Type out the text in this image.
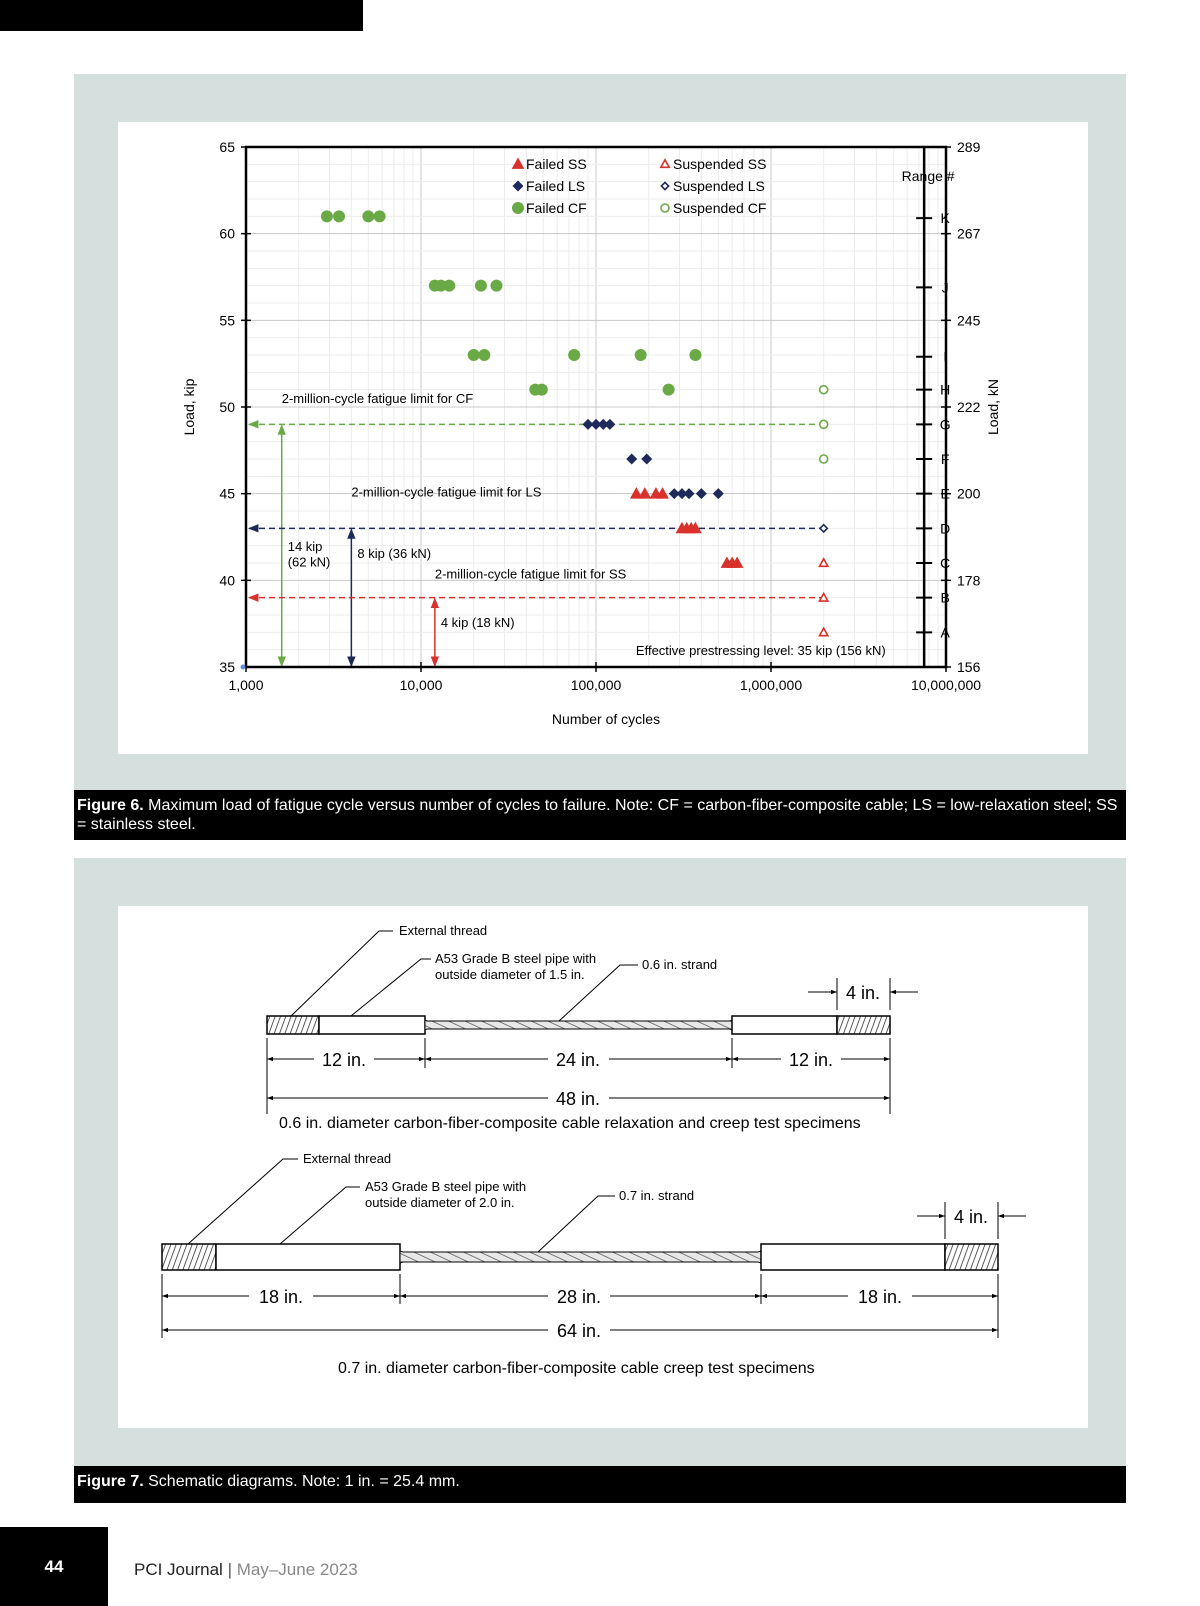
35	156
40	178
45	200
50	222
55	245
60	267
65	289
1,000	10,000	100,000	1,000,000	10,000,000
Number of cycles
Load, kip	Load, kN
2-million-cycle fatigue limit for CF
14 kip
(62 kN)
2-million-cycle fatigue limit for LS
8 kip (36 kN)
2-million-cycle fatigue limit for SS
4 kip (18 kN)
Effective prestressing level: 35 kip (156 kN)
Range #
K
J
I
H
G
F
E
D
C
B
A
Failed SS
Failed LS
Failed CF
Suspended SS
Suspended LS
Suspended CF
Figure 6. Maximum load of fatigue cycle versus number of cycles to failure. Note: CF = carbon-fiber-composite cable; LS = low-relaxation steel; SS = stainless steel.
External thread
A53 Grade B steel pipe with
outside diameter of 1.5 in.
0.6 in. strand
4 in.
12 in.	24 in.	12 in.
48 in.
0.6 in. diameter carbon-fiber-composite cable relaxation and creep test specimens
External thread
A53 Grade B steel pipe with
outside diameter of 2.0 in.	0.7 in. strand
4 in.
18 in.	28 in.	18 in.
64 in.
0.7 in. diameter carbon-fiber-composite cable creep test specimens
Figure 7. Schematic diagrams. Note: 1 in. = 25.4 mm.
44	PCI Journal | May–June 2023
